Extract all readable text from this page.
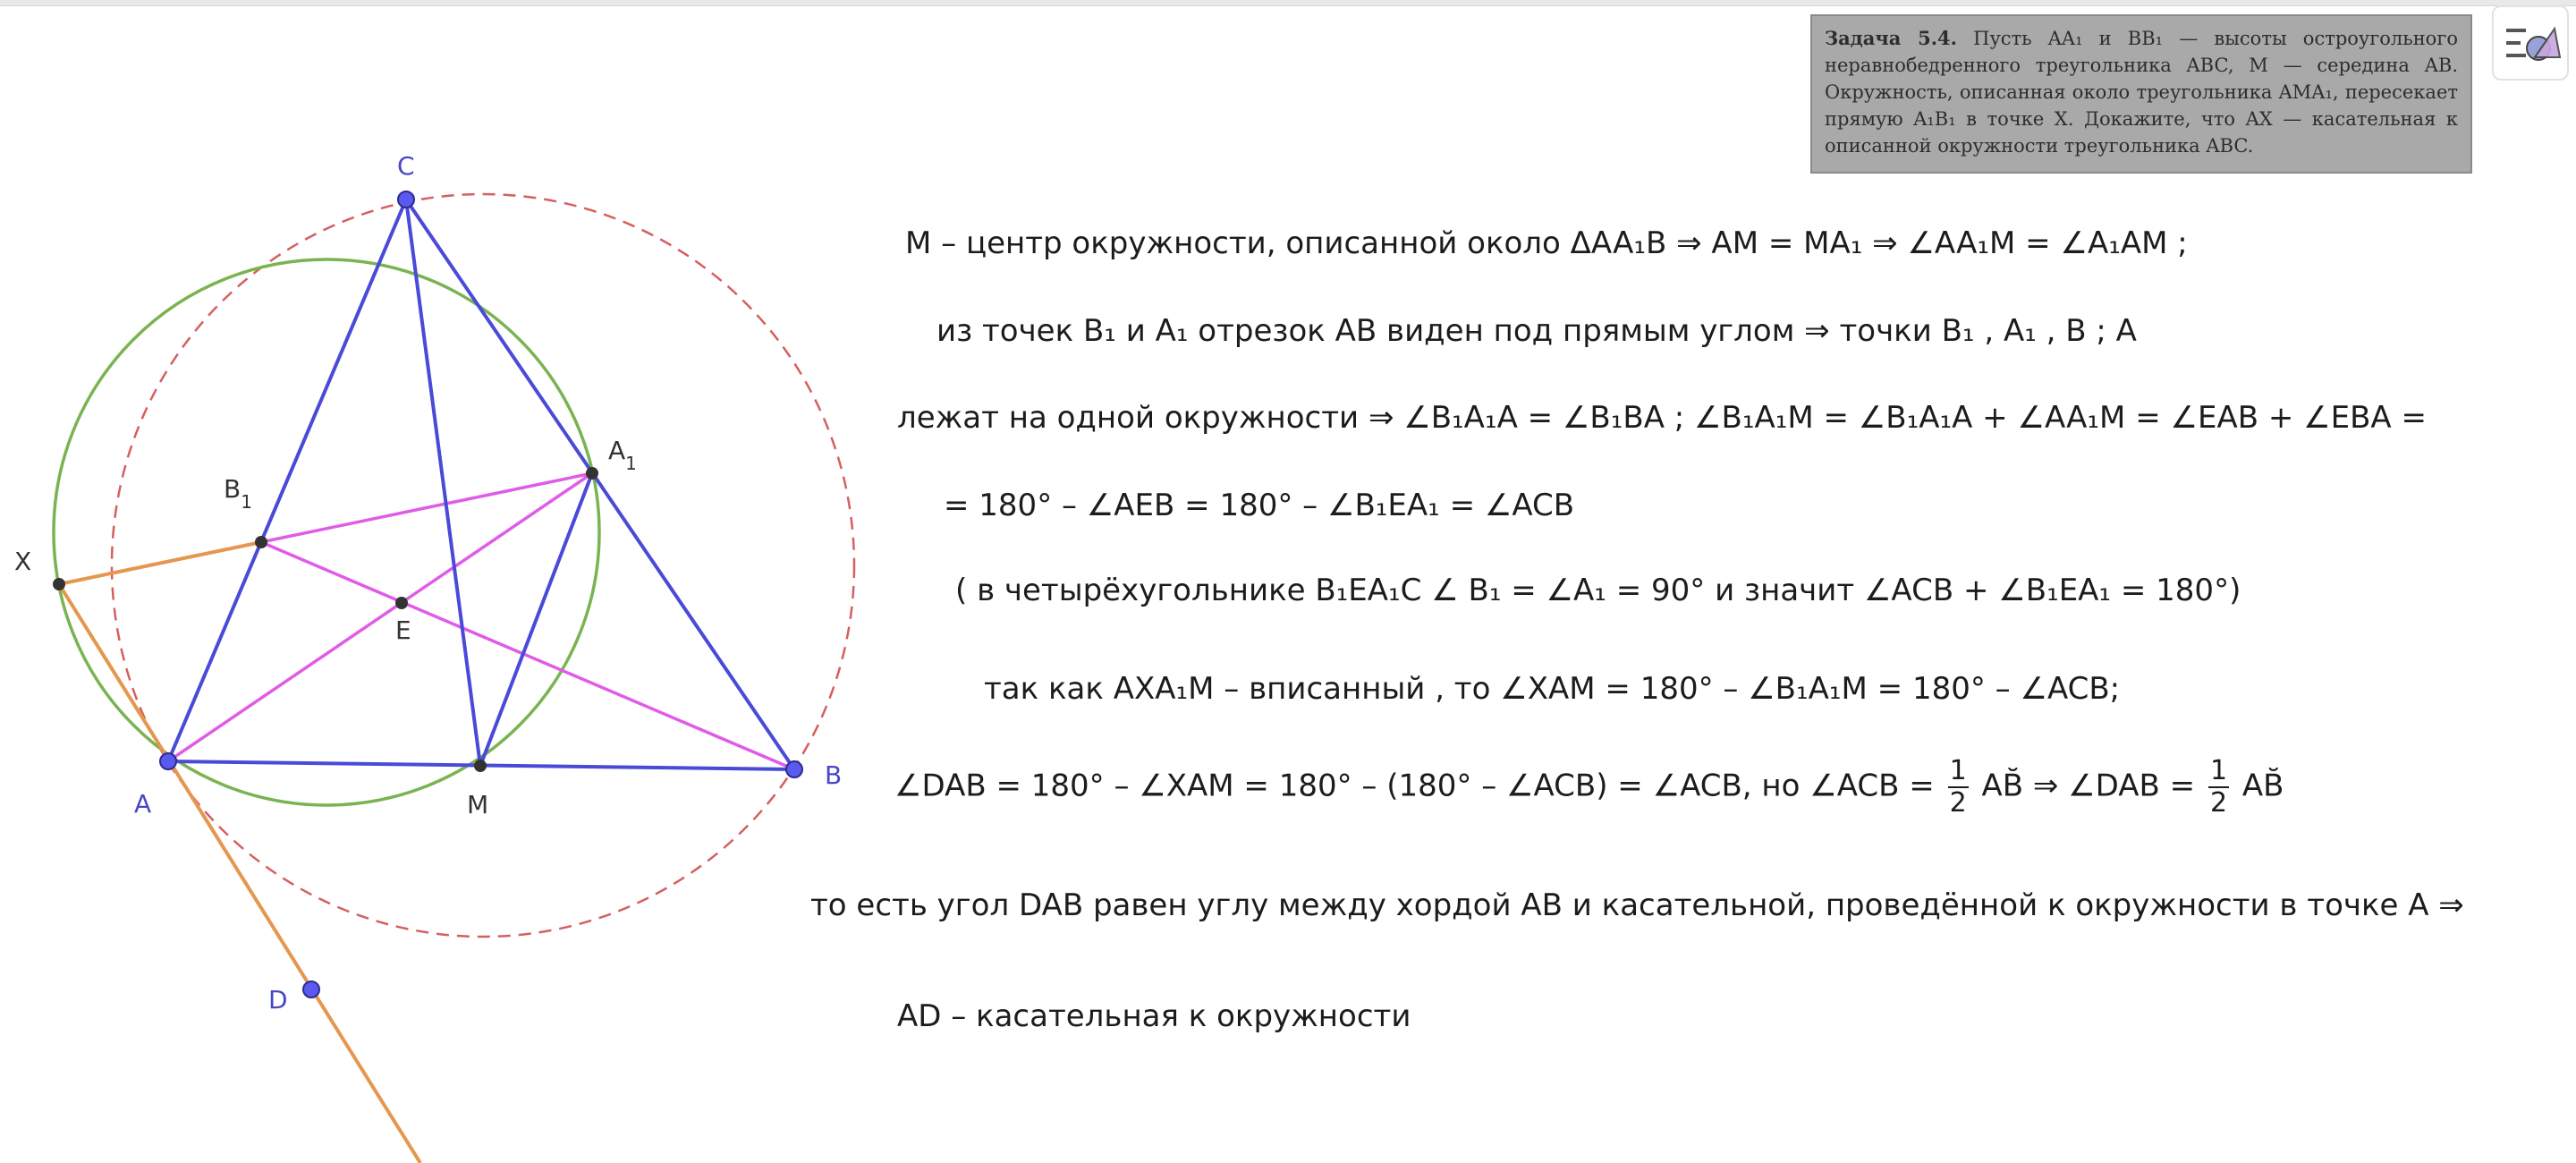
C
$A_1$
$B_1$
X
E
A	M
B
D
Задача 5.4. Пусть AA₁ и BB₁ — высоты остроугольного неравнобедренного треугольника ABC, M — середина AB. Окружность, описанная около треугольника AMA₁, пересекает прямую A₁B₁ в точке X. Докажите, что AX — касательная к описанной окружности треугольника ABC.
M – центр окружности, описанной около ΔAA₁B ⇒ AM = MA₁ ⇒ ∠AA₁M = ∠A₁AM ;
из точек B₁ и A₁ отрезок AB виден под прямым углом ⇒ точки B₁ , A₁ , B ; A
лежат на одной окружности ⇒ ∠B₁A₁A = ∠B₁BA ; ∠B₁A₁M = ∠B₁A₁A + ∠AA₁M = ∠EAB + ∠EBA =
= 180° – ∠AEB = 180° – ∠B₁EA₁ = ∠ACB
( в четырёхугольнике B₁EA₁C ∠ B₁ = ∠A₁ = 90° и значит ∠ACB + ∠B₁EA₁ = 180°)
так как AXA₁M – вписанный , то ∠XAM = 180° – ∠B₁A₁M = 180° – ∠ACB;
∠DAB = 180° – ∠XAM = 180° – (180° – ∠ACB) = ∠ACB, но ∠ACB = $\frac{1}{2}$ AB̆ ⇒ ∠DAB = $\frac{1}{2}$ AB̆
то есть угол DAB равен углу между хордой AB и касательной, проведённой к окружности в точке A ⇒
AD – касательная к окружности
